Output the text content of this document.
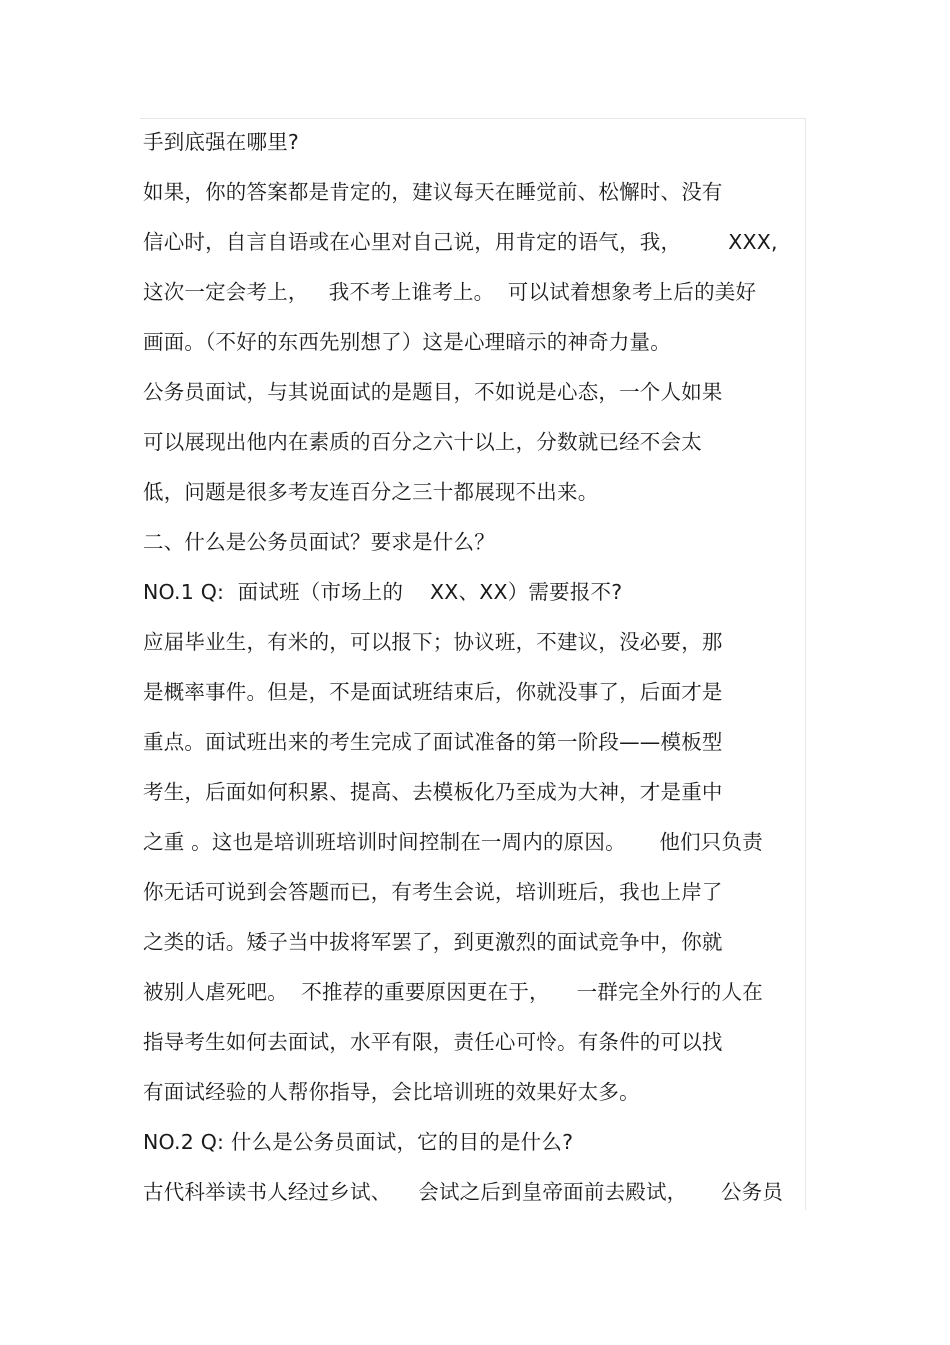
手到底强在哪里?
如果，你的答案都是肯定的，建议每天在睡觉前、松懈时、没有
信心时，自言自语或在心里对自己说，用肯定的语气，我，       XXX,
这次一定会考上，   我不考上谁考上。  可以试着想象考上后的美好
画面。（不好的东西先别想了）这是心理暗示的神奇力量。
公务员面试，与其说面试的是题目，不如说是心态，一个人如果
可以展现出他内在素质的百分之六十以上，分数就已经不会太
低，问题是很多考友连百分之三十都展现不出来。
二、什么是公务员面试？要求是什么？
NO.1 Q:  面试班（市场上的    XX、XX）需要报不?
应届毕业生，有米的，可以报下；协议班，不建议，没必要，那
是概率事件。但是，不是面试班结束后，你就没事了，后面才是
重点。面试班出来的考生完成了面试准备的第一阶段——模板型
考生，后面如何积累、提高、去模板化乃至成为大神，才是重中
之重 。这也是培训班培训时间控制在一周内的原因。     他们只负责
你无话可说到会答题而已，有考生会说，培训班后，我也上岸了
之类的话。矮子当中拔将军罢了，到更激烈的面试竞争中，你就
被别人虐死吧。  不推荐的重要原因更在于，    一群完全外行的人在
指导考生如何去面试，水平有限，责任心可怜。有条件的可以找
有面试经验的人帮你指导，会比培训班的效果好太多。
NO.2 Q: 什么是公务员面试，它的目的是什么?
古代科举读书人经过乡试、    会试之后到皇帝面前去殿试，     公务员
